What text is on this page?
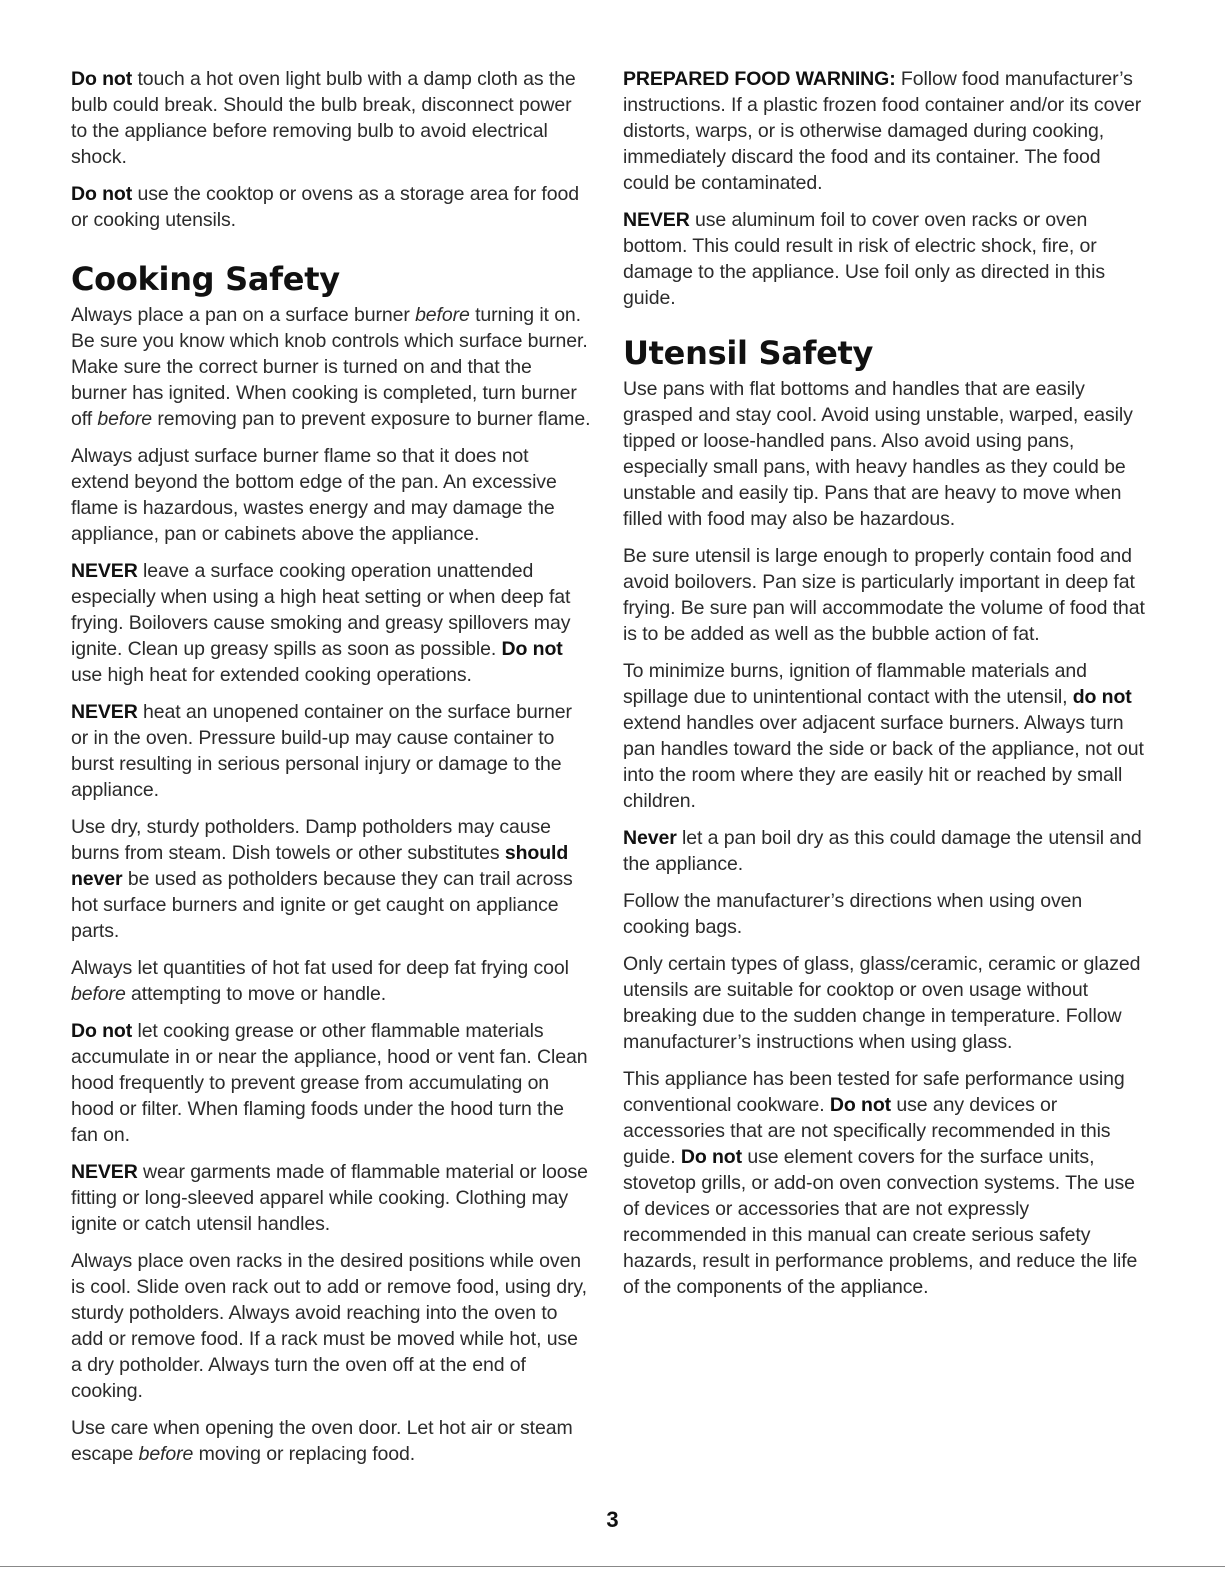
Do not touch a hot oven light bulb with a damp cloth as the bulb could break. Should the bulb break, disconnect power to the appliance before removing bulb to avoid electrical shock.

Do not use the cooktop or ovens as a storage area for food or cooking utensils.

Cooking Safety

Always place a pan on a surface burner before turning it on. Be sure you know which knob controls which surface burner. Make sure the correct burner is turned on and that the burner has ignited. When cooking is completed, turn burner off before removing pan to prevent exposure to burner flame.

Always adjust surface burner flame so that it does not extend beyond the bottom edge of the pan. An excessive flame is hazardous, wastes energy and may damage the appliance, pan or cabinets above the appliance.

NEVER leave a surface cooking operation unattended especially when using a high heat setting or when deep fat frying. Boilovers cause smoking and greasy spillovers may ignite. Clean up greasy spills as soon as possible. Do not use high heat for extended cooking operations.

NEVER heat an unopened container on the surface burner or in the oven. Pressure build-up may cause container to burst resulting in serious personal injury or damage to the appliance.

Use dry, sturdy potholders. Damp potholders may cause burns from steam. Dish towels or other substitutes should never be used as potholders because they can trail across hot surface burners and ignite or get caught on appliance parts.

Always let quantities of hot fat used for deep fat frying cool before attempting to move or handle.

Do not let cooking grease or other flammable materials accumulate in or near the appliance, hood or vent fan. Clean hood frequently to prevent grease from accumulating on hood or filter. When flaming foods under the hood turn the fan on.

NEVER wear garments made of flammable material or loose fitting or long-sleeved apparel while cooking. Clothing may ignite or catch utensil handles.

Always place oven racks in the desired positions while oven is cool. Slide oven rack out to add or remove food, using dry, sturdy potholders. Always avoid reaching into the oven to add or remove food. If a rack must be moved while hot, use a dry potholder. Always turn the oven off at the end of cooking.

Use care when opening the oven door. Let hot air or steam escape before moving or replacing food.

PREPARED FOOD WARNING: Follow food manufacturer’s instructions. If a plastic frozen food container and/or its cover distorts, warps, or is otherwise damaged during cooking, immediately discard the food and its container. The food could be contaminated.

NEVER use aluminum foil to cover oven racks or oven bottom. This could result in risk of electric shock, fire, or damage to the appliance. Use foil only as directed in this guide.

Utensil Safety

Use pans with flat bottoms and handles that are easily grasped and stay cool. Avoid using unstable, warped, easily tipped or loose-handled pans. Also avoid using pans, especially small pans, with heavy handles as they could be unstable and easily tip. Pans that are heavy to move when filled with food may also be hazardous.

Be sure utensil is large enough to properly contain food and avoid boilovers. Pan size is particularly important in deep fat frying. Be sure pan will accommodate the volume of food that is to be added as well as the bubble action of fat.

To minimize burns, ignition of flammable materials and spillage due to unintentional contact with the utensil, do not extend handles over adjacent surface burners. Always turn pan handles toward the side or back of the appliance, not out into the room where they are easily hit or reached by small children.

Never let a pan boil dry as this could damage the utensil and the appliance.

Follow the manufacturer’s directions when using oven cooking bags.

Only certain types of glass, glass/ceramic, ceramic or glazed utensils are suitable for cooktop or oven usage without breaking due to the sudden change in temperature. Follow manufacturer’s instructions when using glass.

This appliance has been tested for safe performance using conventional cookware. Do not use any devices or accessories that are not specifically recommended in this guide. Do not use element covers for the surface units, stovetop grills, or add-on oven convection systems. The use of devices or accessories that are not expressly recommended in this manual can create serious safety hazards, result in performance problems, and reduce the life of the components of the appliance.

3
